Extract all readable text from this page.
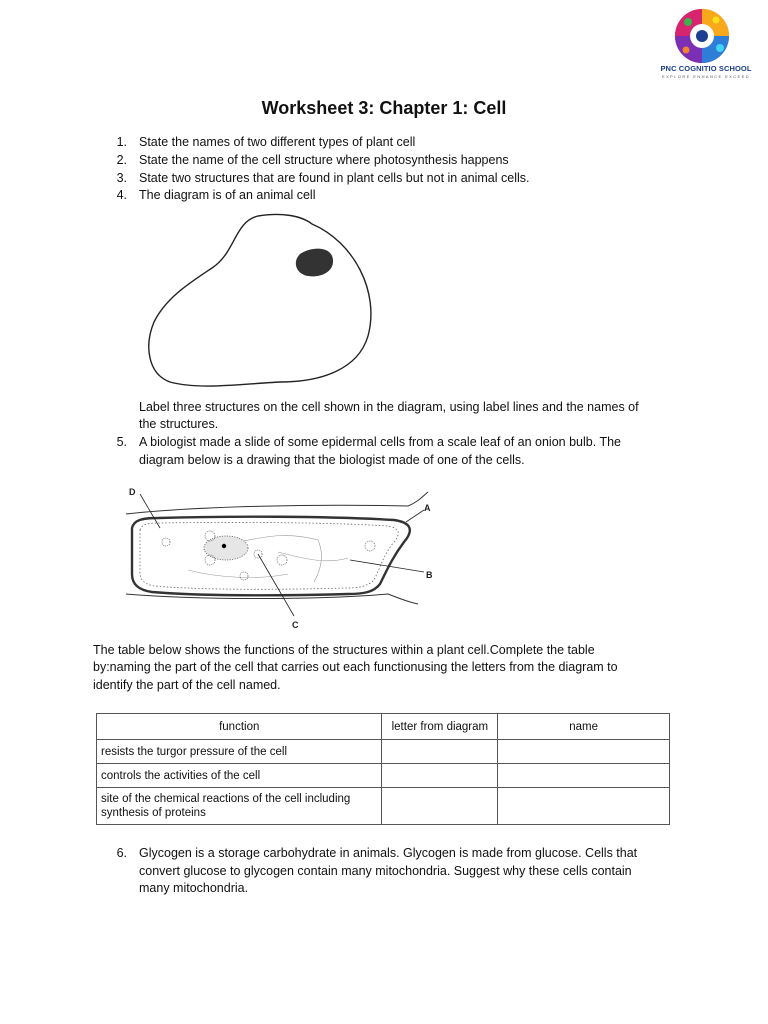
PNC COGNITIO SCHOOL
EXPLORE ENHANCE EXCEED
Worksheet 3: Chapter 1: Cell
1. State the names of two different types of plant cell
2. State the name of the cell structure where photosynthesis happens
3. State two structures that are found in plant cells but not in animal cells.
4. The diagram is of an animal cell
Label three structures on the cell shown in the diagram, using label lines and the names of
the structures.
5. A biologist made a slide of some epidermal cells from a scale leaf of an onion bulb. The
diagram below is a drawing that the biologist made of one of the cells.
D
A
B
C
The table below shows the functions of the structures within a plant cell.Complete the table
by:naming the part of the cell that carries out each functionusing the letters from the diagram to
identify the part of the cell named.
function	letter from diagram	name
resists the turgor pressure of the cell		
controls the activities of the cell		
site of the chemical reactions of the cell including synthesis of proteins		
6. Glycogen is a storage carbohydrate in animals. Glycogen is made from glucose. Cells that
convert glucose to glycogen contain many mitochondria. Suggest why these cells contain
many mitochondria.
